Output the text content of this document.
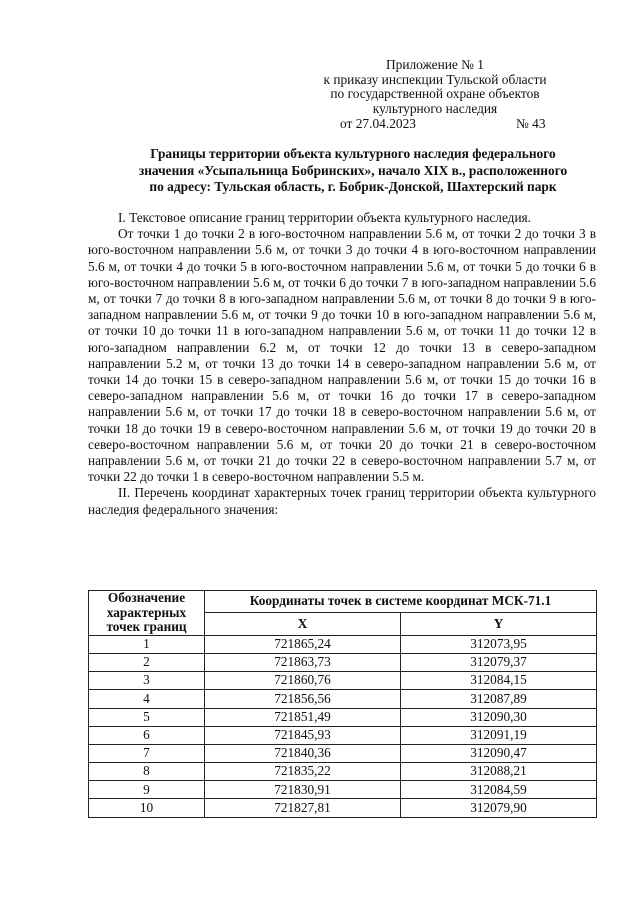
Приложение № 1
к приказу инспекции Тульской области
по государственной охране объектов
культурного наследия
от 27.04.2023	№ 43
Границы территории объекта культурного наследия федерального
значения «Усыпальница Бобринских», начало XIX в., расположенного
по адресу: Тульская область, г. Бобрик-Донской, Шахтерский парк

I. Текстовое описание границ территории объекта культурного наследия.

От точки 1 до точки 2 в юго-восточном направлении 5.6 м, от точки 2 до точки 3 в юго-восточном направлении 5.6 м, от точки 3 до точки 4 в юго-восточном направлении 5.6 м, от точки 4 до точки 5 в юго-восточном направлении 5.6 м, от точки 5 до точки 6 в юго-восточном направлении 5.6 м, от точки 6 до точки 7 в юго-западном направлении 5.6 м, от точки 7 до точки 8 в юго-западном направлении 5.6 м, от точки 8 до точки 9 в юго-западном направлении 5.6 м, от точки 9 до точки 10 в юго-западном направлении 5.6 м, от точки 10 до точки 11 в юго-западном направлении 5.6 м, от точки 11 до точки 12 в юго-западном направлении 6.2 м, от точки 12 до точки 13 в северо-западном направлении 5.2 м, от точки 13 до точки 14 в северо-западном направлении 5.6 м, от точки 14 до точки 15 в северо-западном направлении 5.6 м, от точки 15 до точки 16 в северо-западном направлении 5.6 м, от точки 16 до точки 17 в северо-западном направлении 5.6 м, от точки 17 до точки 18 в северо-восточном направлении 5.6 м, от точки 18 до точки 19 в северо-восточном направлении 5.6 м, от точки 19 до точки 20 в северо-восточном направлении 5.6 м, от точки 20 до точки 21 в северо-восточном направлении 5.6 м, от точки 21 до точки 22 в северо-восточном направлении 5.7 м, от точки 22 до точки 1 в северо-восточном направлении 5.5 м.

II. Перечень координат характерных точек границ территории объекта культурного наследия федерального значения:

Обозначение характерных точек границ	Координаты точек в системе координат МСК-71.1	
	X	Y
1	721865,24	312073,95
2	721863,73	312079,37
3	721860,76	312084,15
4	721856,56	312087,89
5	721851,49	312090,30
6	721845,93	312091,19
7	721840,36	312090,47
8	721835,22	312088,21
9	721830,91	312084,59
10	721827,81	312079,90
